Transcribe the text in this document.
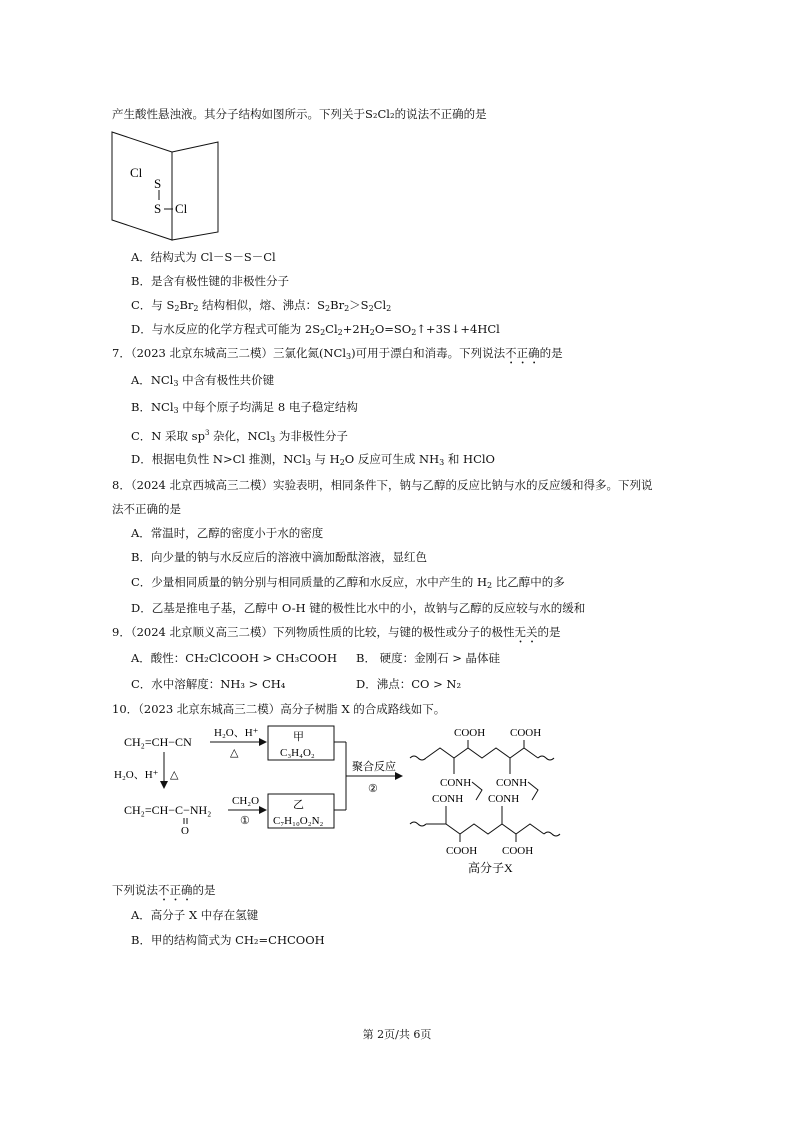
产生酸性悬浊液。其分子结构如图所示。下列关于S₂Cl₂的说法不正确的是
Cl
S
S Cl
A．结构式为 Cl－S－S－Cl
B．是含有极性键的非极性分子
C．与 $S_2Br_2$ 结构相似，熔、沸点：$S_2Br_2>S_2Cl_2$
D．与水反应的化学方程式可能为 $2S_2Cl_2+2H_2O=SO_2↑+3S↓+4HCl$
7．（2023 北京东城高三二模）三氯化氮(NCl$_3$)可用于漂白和消毒。下列说法不正确的是
A．NCl$_3$ 中含有极性共价键
B．NCl$_3$ 中每个原子均满足 8 电子稳定结构
C．N 采取 $sp^3$ 杂化，NCl$_3$ 为非极性分子
D．根据电负性 N>Cl 推测，NCl$_3$ 与 $H_2O$ 反应可生成 $NH_3$ 和 HClO
8．（2024 北京西城高三二模）实验表明，相同条件下，钠与乙醇的反应比钠与水的反应缓和得多。下列说
法不正确的是
A．常温时，乙醇的密度小于水的密度
B．向少量的钠与水反应后的溶液中滴加酚酞溶液，显红色
C．少量相同质量的钠分别与相同质量的乙醇和水反应，水中产生的 $H_2$ 比乙醇中的多
D．乙基是推电子基，乙醇中 O-H 键的极性比水中的小，故钠与乙醇的反应较与水的缓和
9．（2024 北京顺义高三二模）下列物质性质的比较，与键的极性或分子的极性无关的是
A．酸性：CH₂ClCOOH > CH₃COOH B． 硬度：金刚石 > 晶体硅
C．水中溶解度：NH₃ > CH₄	D．沸点：CO > N₂
10．（2023 北京东城高三二模）高分子树脂 X 的合成路线如下。
CH₂=CH−CN
H₂O、H⁺
△
甲
C₃H₄O₂
H₂O、H⁺ △
CH₂=CH−C−NH₂
O
CH₂O
①
乙
C₇H₁₀O₂N₂
聚合反应
②
COOH COOH
CONH CONH
CONH CONH
COOH COOH
高分子X
下列说法不正确的是
A．高分子 X 中存在氢键
B．甲的结构简式为 CH₂=CHCOOH
第 2页/共 6页
